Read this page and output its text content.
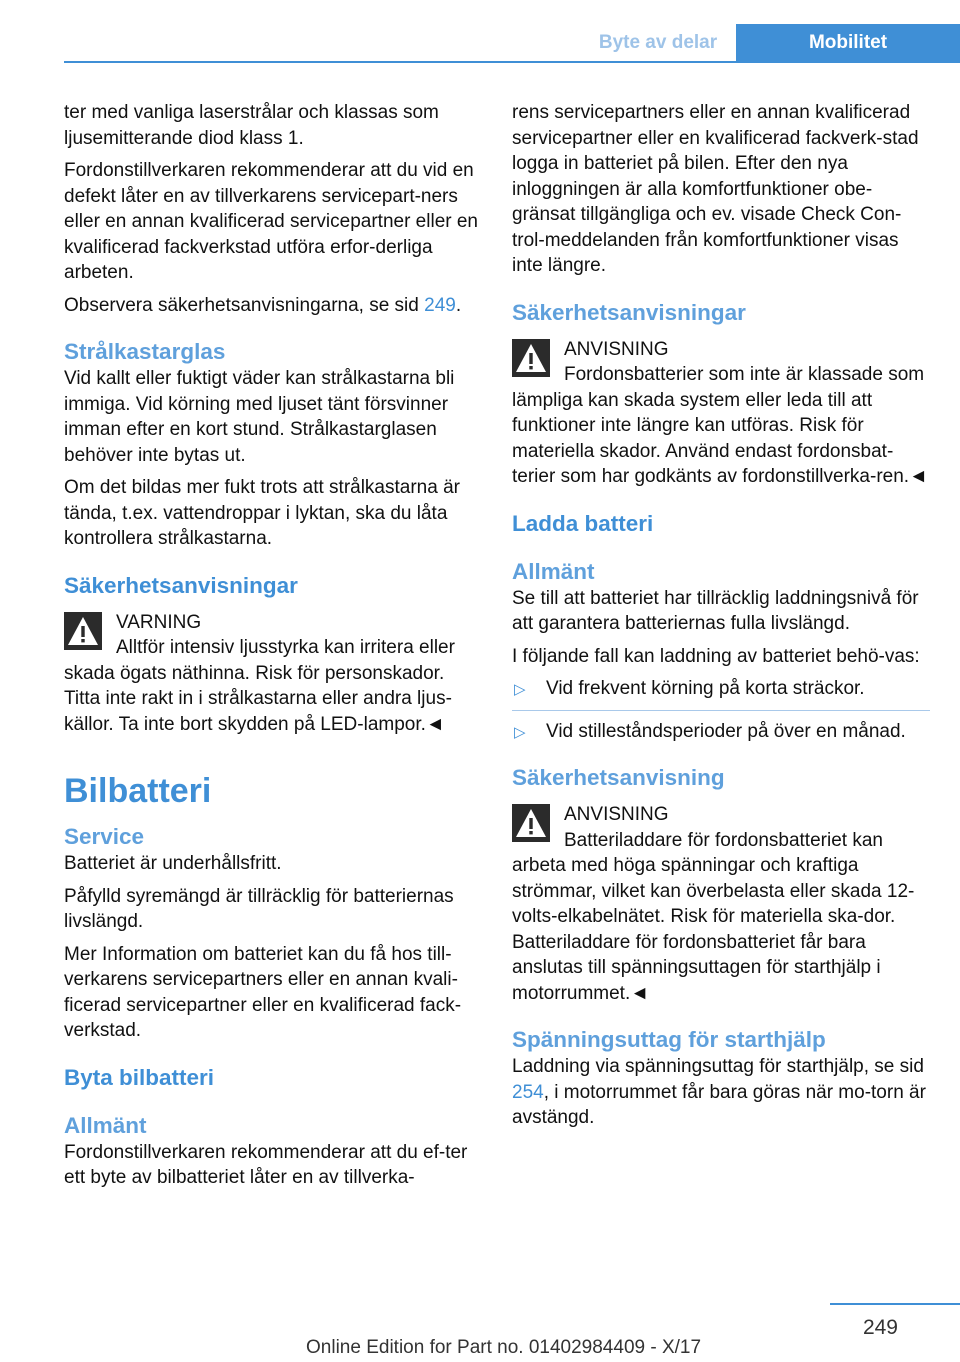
Byte av delar	Mobilitet

ter med vanliga laserstrålar och klassas som ljusemitterande diod klass 1.

Fordonstillverkaren rekommenderar att du vid en defekt låter en av tillverkarens servicepart-ners eller en annan kvalificerad servicepartner eller en kvalificerad fackverkstad utföra erfor-derliga arbeten.

Observera säkerhetsanvisningarna, se sid 249.

Strålkastarglas

Vid kallt eller fuktigt väder kan strålkastarna bli immiga. Vid körning med ljuset tänt försvinner imman efter en kort stund. Strålkastarglasen behöver inte bytas ut.

Om det bildas mer fukt trots att strålkastarna är tända, t.ex. vattendroppar i lyktan, ska du låta kontrollera strålkastarna.

Säkerhetsanvisningar
VARNING
Alltför intensiv ljusstyrka kan irritera eller skada ögats näthinna. Risk för personskador. Titta inte rakt in i strålkastarna eller andra ljus-källor. Ta inte bort skydden på LED-lampor.◄
Bilbatteri
Service

Batteriet är underhållsfritt.

Påfylld syremängd är tillräcklig för batteriernas livslängd.

Mer Information om batteriet kan du få hos till-verkarens servicepartners eller en annan kvali-ficerad servicepartner eller en kvalificerad fack-verkstad.

Byta bilbatteri
Allmänt

Fordonstillverkaren rekommenderar att du ef-ter ett byte av bilbatteriet låter en av tillverka-

rens servicepartners eller en annan kvalificerad servicepartner eller en kvalificerad fackverk-stad logga in batteriet på bilen. Efter den nya inloggningen är alla komfortfunktioner obe-gränsat tillgängliga och ev. visade Check Con-trol-meddelanden från komfortfunktioner visas inte längre.

Säkerhetsanvisningar
ANVISNING
Fordonsbatterier som inte är klassade som lämpliga kan skada system eller leda till att funktioner inte längre kan utföras. Risk för materiella skador. Använd endast fordonsbat-terier som har godkänts av fordonstillverka-ren.◄
Ladda batteri
Allmänt

Se till att batteriet har tillräcklig laddningsnivå för att garantera batteriernas fulla livslängd.

I följande fall kan laddning av batteriet behö-vas:

▷ Vid frekvent körning på korta sträckor.
▷ Vid stilleståndsperioder på över en månad.
Säkerhetsanvisning
ANVISNING
Batteriladdare för fordonsbatteriet kan arbeta med höga spänningar och kraftiga strömmar, vilket kan överbelasta eller skada 12-volts-elkabelnätet. Risk för materiella ska-dor. Batteriladdare för fordonsbatteriet får bara anslutas till spänningsuttagen för starthjälp i motorrummet.◄
Spänningsuttag för starthjälp

Laddning via spänningsuttag för starthjälp, se sid 254, i motorrummet får bara göras när mo-torn är avstängd.

249
Online Edition for Part no. 01402984409 - X/17
